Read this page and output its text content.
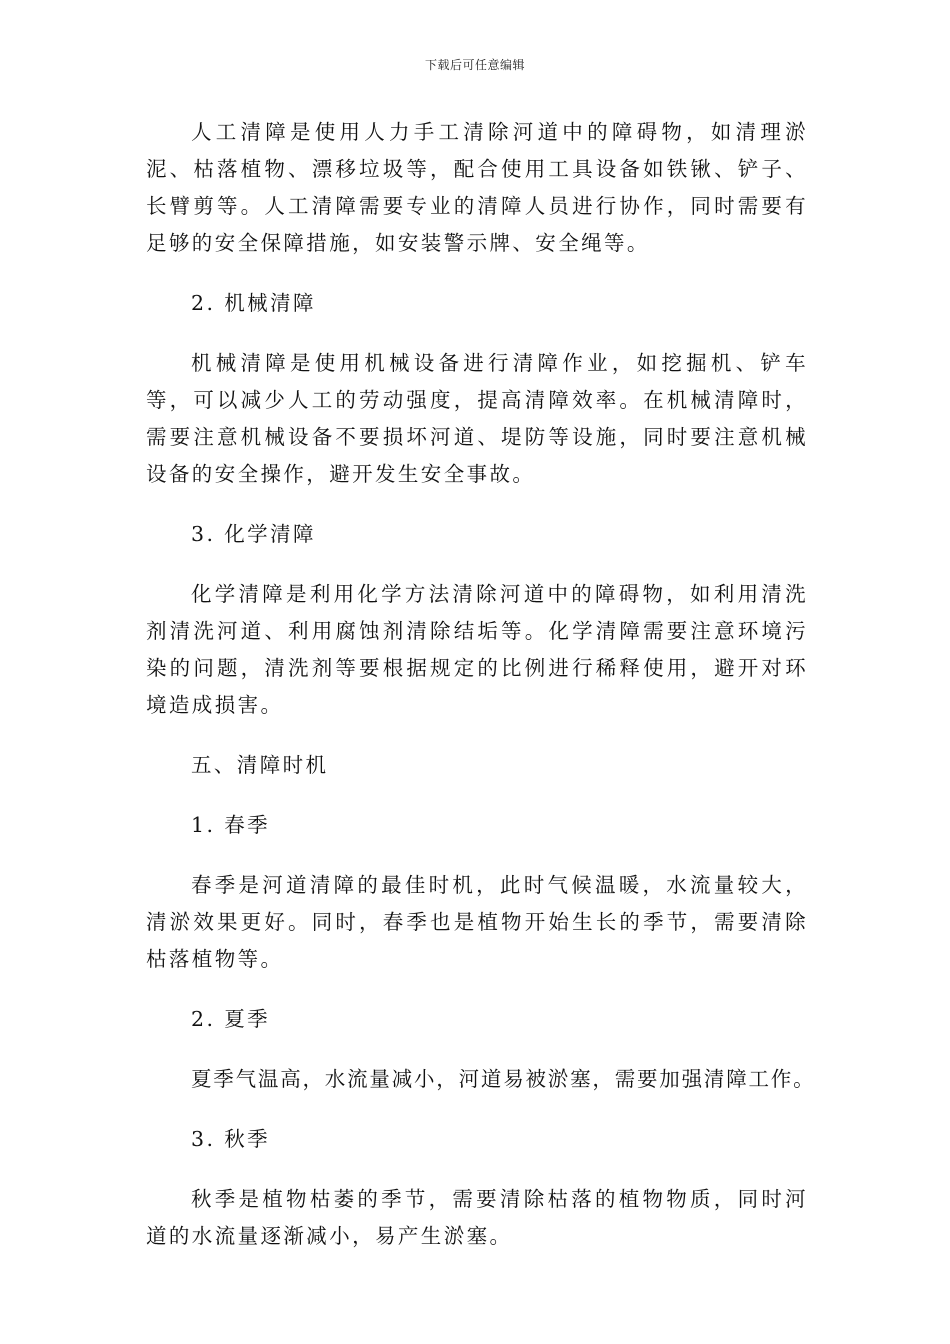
下载后可任意编辑

人工清障是使用人力手工清除河道中的障碍物，如清理淤泥、枯落植物、漂移垃圾等，配合使用工具设备如铁锹、铲子、长臂剪等。人工清障需要专业的清障人员进行协作，同时需要有足够的安全保障措施，如安装警示牌、安全绳等。

2. 机械清障

机械清障是使用机械设备进行清障作业，如挖掘机、铲车等，可以减少人工的劳动强度，提高清障效率。在机械清障时，需要注意机械设备不要损坏河道、堤防等设施，同时要注意机械设备的安全操作，避开发生安全事故。

3. 化学清障

化学清障是利用化学方法清除河道中的障碍物，如利用清洗剂清洗河道、利用腐蚀剂清除结垢等。化学清障需要注意环境污染的问题，清洗剂等要根据规定的比例进行稀释使用，避开对环境造成损害。

五、清障时机

1. 春季

春季是河道清障的最佳时机，此时气候温暖，水流量较大，清淤效果更好。同时，春季也是植物开始生长的季节，需要清除枯落植物等。

2. 夏季

夏季气温高，水流量减小，河道易被淤塞，需要加强清障工作。

3. 秋季

秋季是植物枯萎的季节，需要清除枯落的植物物质，同时河道的水流量逐渐减小，易产生淤塞。
